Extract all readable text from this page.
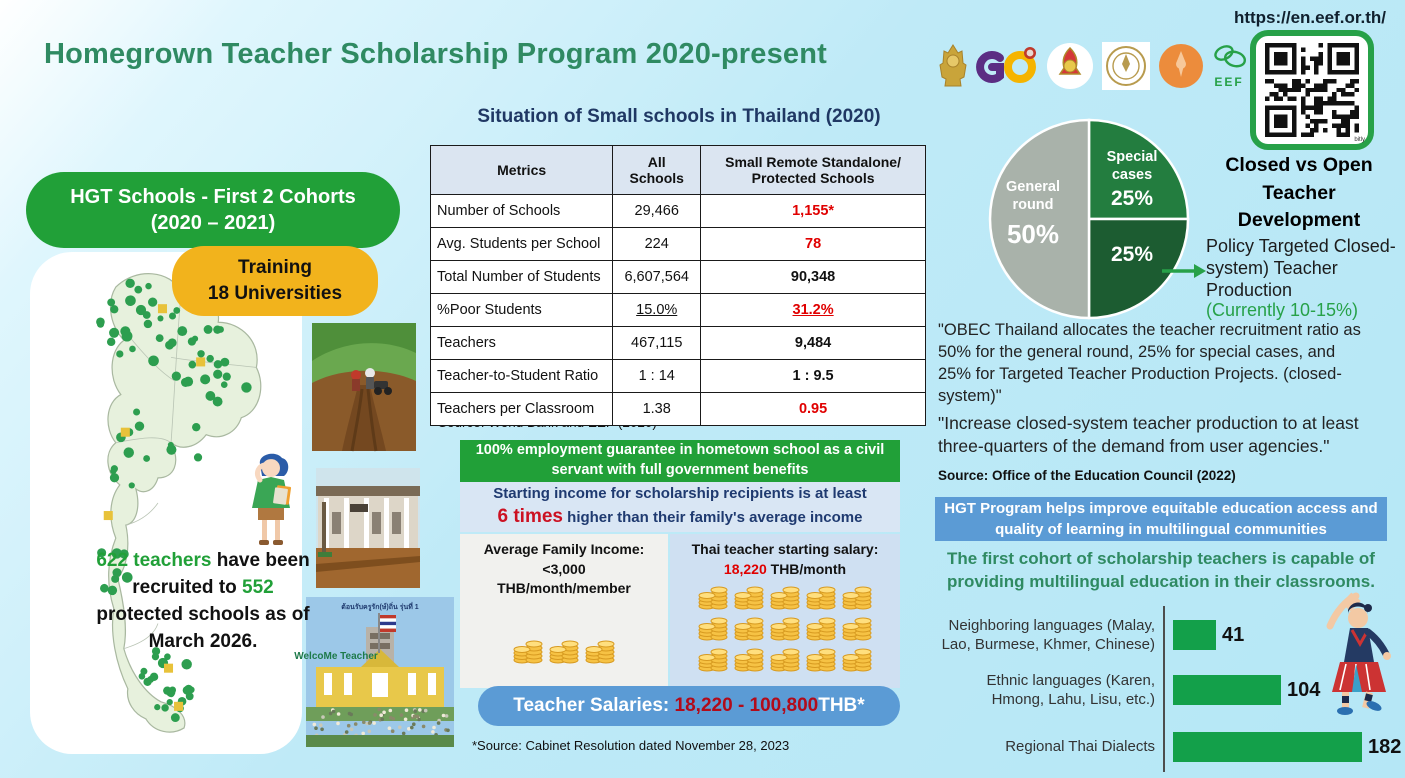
Homegrown Teacher Scholarship Program 2020-present
https://en.eef.or.th/
EEF
bitly
HGT Schools - First 2 Cohorts
(2020 – 2021)
Training
18 Universities
622 teachers have been recruited to 552 protected schools as of March 2026.
ต้อนรับครูรัก(ษ์)ถิ่น รุ่นที่ 1
WelcoMe Teacher
Situation of Small schools in Thailand (2020)
Metrics	All Schools	Small Remote Standalone/ Protected Schools
Number of Schools	29,466	1,155*
Avg. Students per School	224	78
Total Number of Students	6,607,564	90,348
%Poor Students	15.0%	31.2%
Teachers	467,115	9,484
Teacher-to-Student Ratio	1 : 14	1 : 9.5
Teachers per Classroom	1.38	0.95
100% employment guarantee in hometown school as a civil servant with full government benefits
Starting income for scholarship recipients is at least
6 times higher than their family's average income
Average Family Income:
<3,000
THB/month/member
Thai teacher starting salary:
18,220 THB/month
Teacher Salaries:
18,220 - 100,800 THB*
*Source: Cabinet Resolution dated November 28, 2023
General round
50%
Special cases
25%
25%
Closed vs Open Teacher Development
Policy Targeted Closed-system) Teacher Production
(Currently 10-15%)
"OBEC Thailand allocates the teacher recruitment ratio as 50% for the general round, 25% for special cases, and 25% for Targeted Teacher Production Projects. (closed-system)"
"Increase closed-system teacher production to at least three-quarters of the demand from user agencies."
Source: Office of the Education Council (2022)
HGT Program helps improve equitable education access and quality of learning in multilingual communities
The first cohort of scholarship teachers is capable of providing multilingual education in their classrooms.
Neighboring languages (Malay, Lao, Burmese, Khmer, Chinese)	41
Ethnic languages (Karen, Hmong, Lahu, Lisu, etc.)	104
Regional Thai Dialects	182
